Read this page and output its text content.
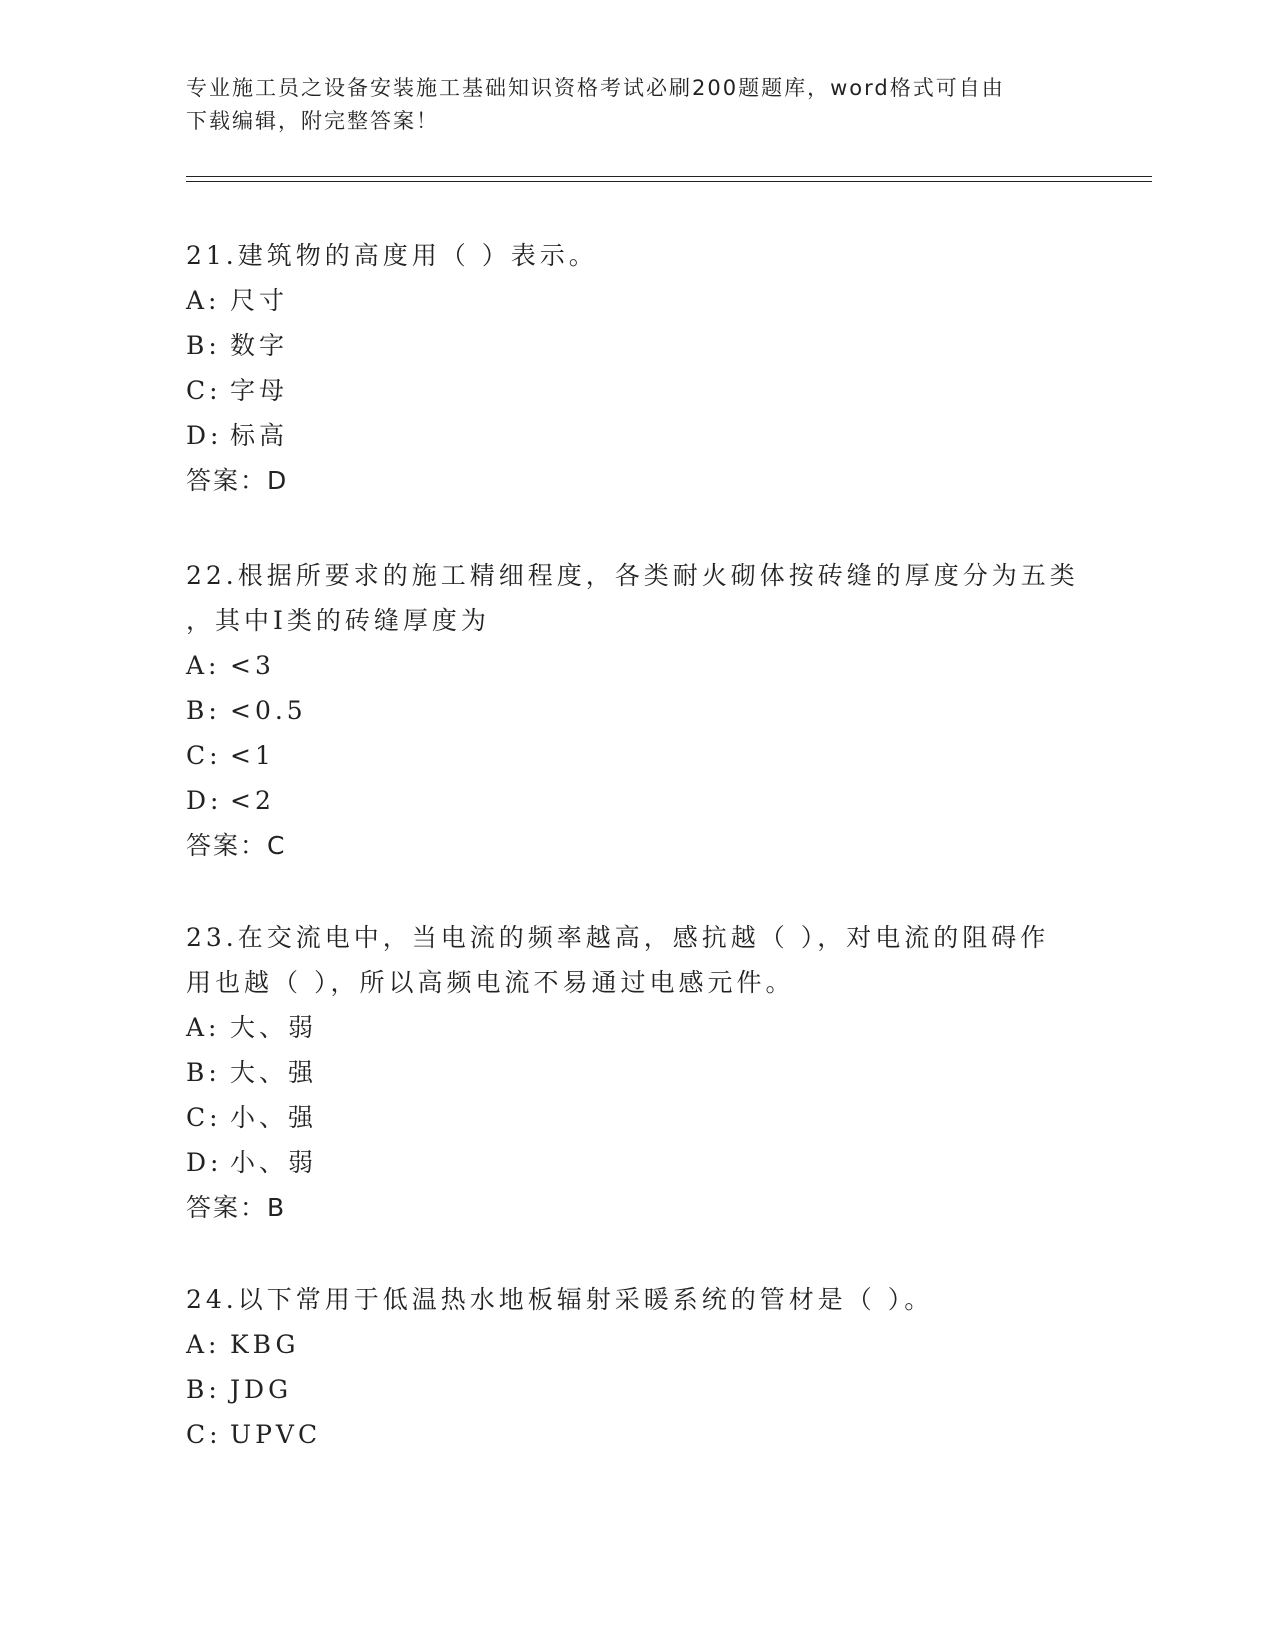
专业施工员之设备安装施工基础知识资格考试必刷200题题库，word格式可自由
下载编辑，附完整答案！
21.建筑物的高度用（ ）表示。
A: 尺寸
B: 数字
C: 字母
D: 标高
答案：D
22.根据所要求的施工精细程度，各类耐火砌体按砖缝的厚度分为五类
，其中I类的砖缝厚度为
A: <3
B: <0.5
C: <1
D: <2
答案：C
23.在交流电中，当电流的频率越高，感抗越（ ），对电流的阻碍作
用也越（ ），所以高频电流不易通过电感元件。
A: 大、弱
B: 大、强
C: 小、强
D: 小、弱
答案：B
24.以下常用于低温热水地板辐射采暖系统的管材是（ ）。
A: KBG
B: JDG
C: UPVC
